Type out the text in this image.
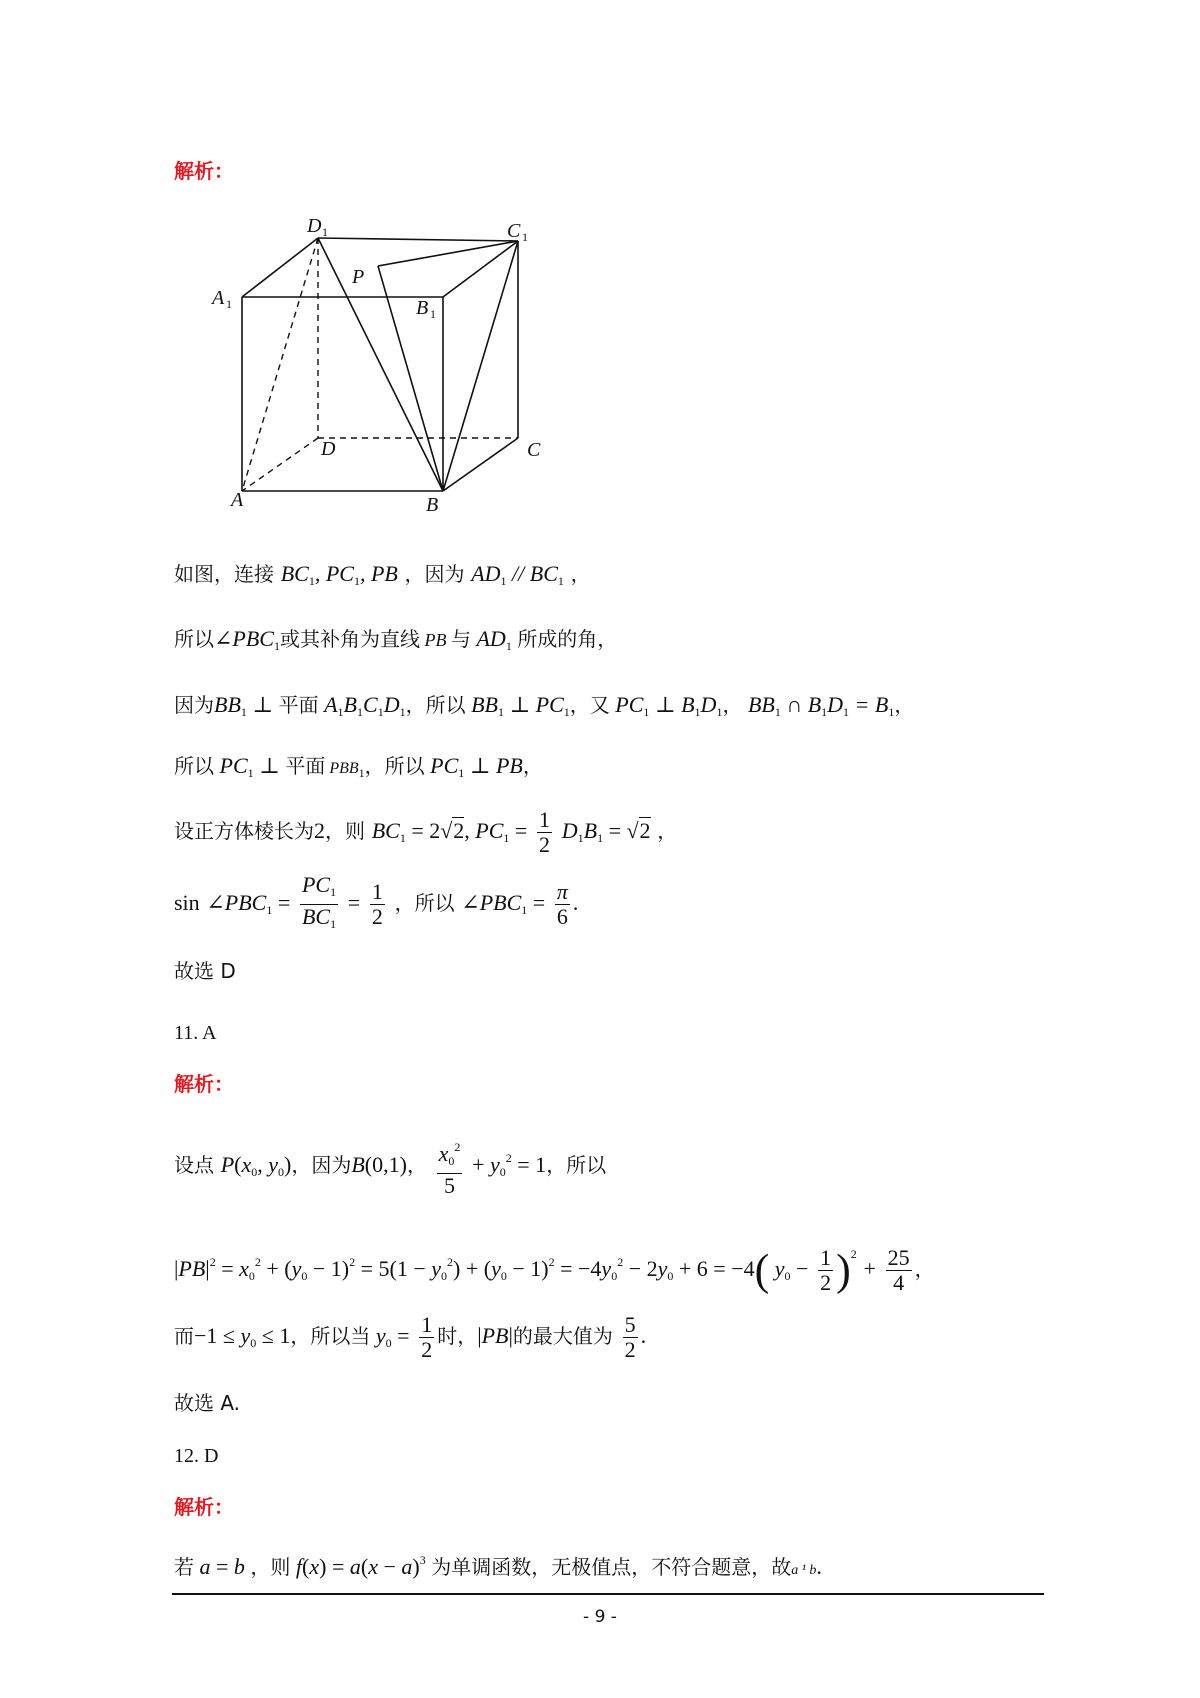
解析：
D 1	C 1
A 1	B 1
P
D	C
A	B
如图，连接 $BC_1$, $PC_1$, PB ，因为 $AD_1 // BC_1$ ，
所以$\angle PBC_1$或其补角为直线 PB 与 $AD_1$ 所成的角，
因为$BB_1$ ⊥ 平面 $A_1B_1C_1D_1$，所以 $BB_1$ ⊥ $PC_1$，又 $PC_1$ ⊥ $B_1D_1$， $BB_1$ ∩ $B_1D_1 = B_1$，
所以 $PC_1$ ⊥ 平面 $PBB_1$，所以 $PC_1$ ⊥ PB，
设正方体棱长为2，则 $BC_1 = 2√2$, $PC_1 = \frac{1}{2} D_1B_1 = √2$ ，
$\sin \angle PBC_1 = \frac{PC_1}{BC_1} = \frac{1}{2}$ ，所以 $\angle PBC_1 = \frac{\pi}{6}$ .
故选 D
11. A
解析：
设点 $P(x_0$, $y_0$)，因为B(0,1)， $\frac{x_0^2}{5} + y_0^2 = 1$，所以
$|PB|^2 = x_0^2 + (y_0 - 1)^2 = 5(1 - y_0^2) + (y_0 - 1)^2 = -4y_0^2 - 2y_0 + 6 = -4$( $y_0 - \frac{1}{2} )^2 + \frac{25}{4}$ ，
而$-1 \le y_0 \le 1$，所以当 $y_0 = \frac{1}{2}$ 时，|PB|的最大值为 $\frac{5}{2}$ .
故选 A.
12. D
解析：
若 a = b ，则 $f(x) = a(x - a)^3$ 为单调函数，无极值点，不符合题意，故a ¹ b.
- 9 -
